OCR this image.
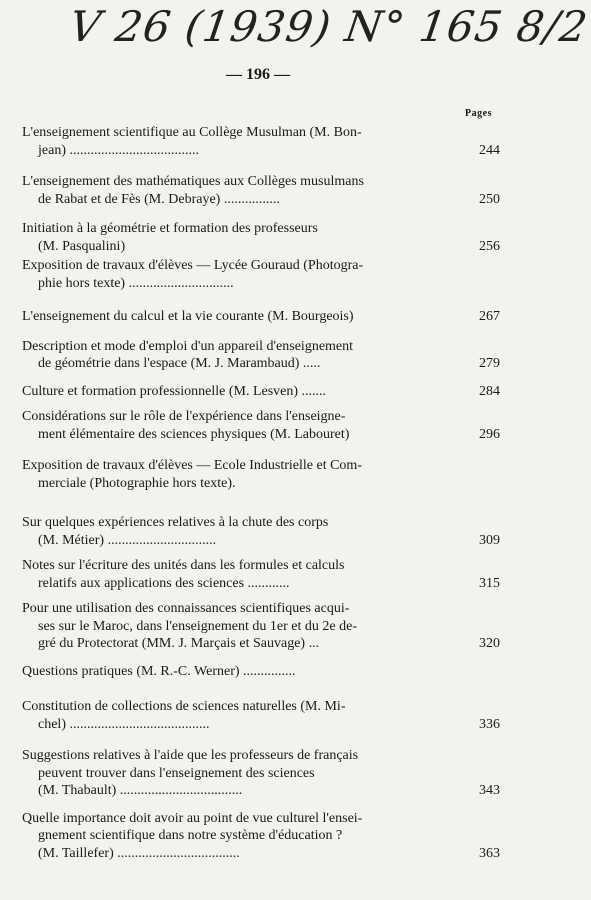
V 26 (1939) N° 165 8/2
— 196 —
Pages
L'enseignement scientifique au Collège Musulman (M. Bon-
jean) .....................................	244
L'enseignement des mathématiques aux Collèges musulmans
de Rabat et de Fès (M. Debraye) ................	250
Initiation à la géométrie et formation des professeurs
(M. Pasqualini)	256
Exposition de travaux d'élèves — Lycée Gouraud (Photogra-
phie hors texte) ..............................
L'enseignement du calcul et la vie courante (M. Bourgeois)	267
Description et mode d'emploi d'un appareil d'enseignement
de géométrie dans l'espace (M. J. Marambaud) .....	279
Culture et formation professionnelle (M. Lesven) .......	284
Considérations sur le rôle de l'expérience dans l'enseigne-
ment élémentaire des sciences physiques (M. Labouret)	296
Exposition de travaux d'élèves — Ecole Industrielle et Com-
merciale (Photographie hors texte).
Sur quelques expériences relatives à la chute des corps
(M. Métier) ...............................	309
Notes sur l'écriture des unités dans les formules et calculs
relatifs aux applications des sciences ............	315
Pour une utilisation des connaissances scientifiques acqui-
ses sur le Maroc, dans l'enseignement du 1er et du 2e de-
gré du Protectorat (MM. J. Marçais et Sauvage) ...	320
Questions pratiques (M. R.-C. Werner) ...............
Constitution de collections de sciences naturelles (M. Mi-
chel) ........................................	336
Suggestions relatives à l'aide que les professeurs de français
peuvent trouver dans l'enseignement des sciences
(M. Thabault) ...................................	343
Quelle importance doit avoir au point de vue culturel l'ensei-
gnement scientifique dans notre système d'éducation ?
(M. Taillefer) ...................................	363
